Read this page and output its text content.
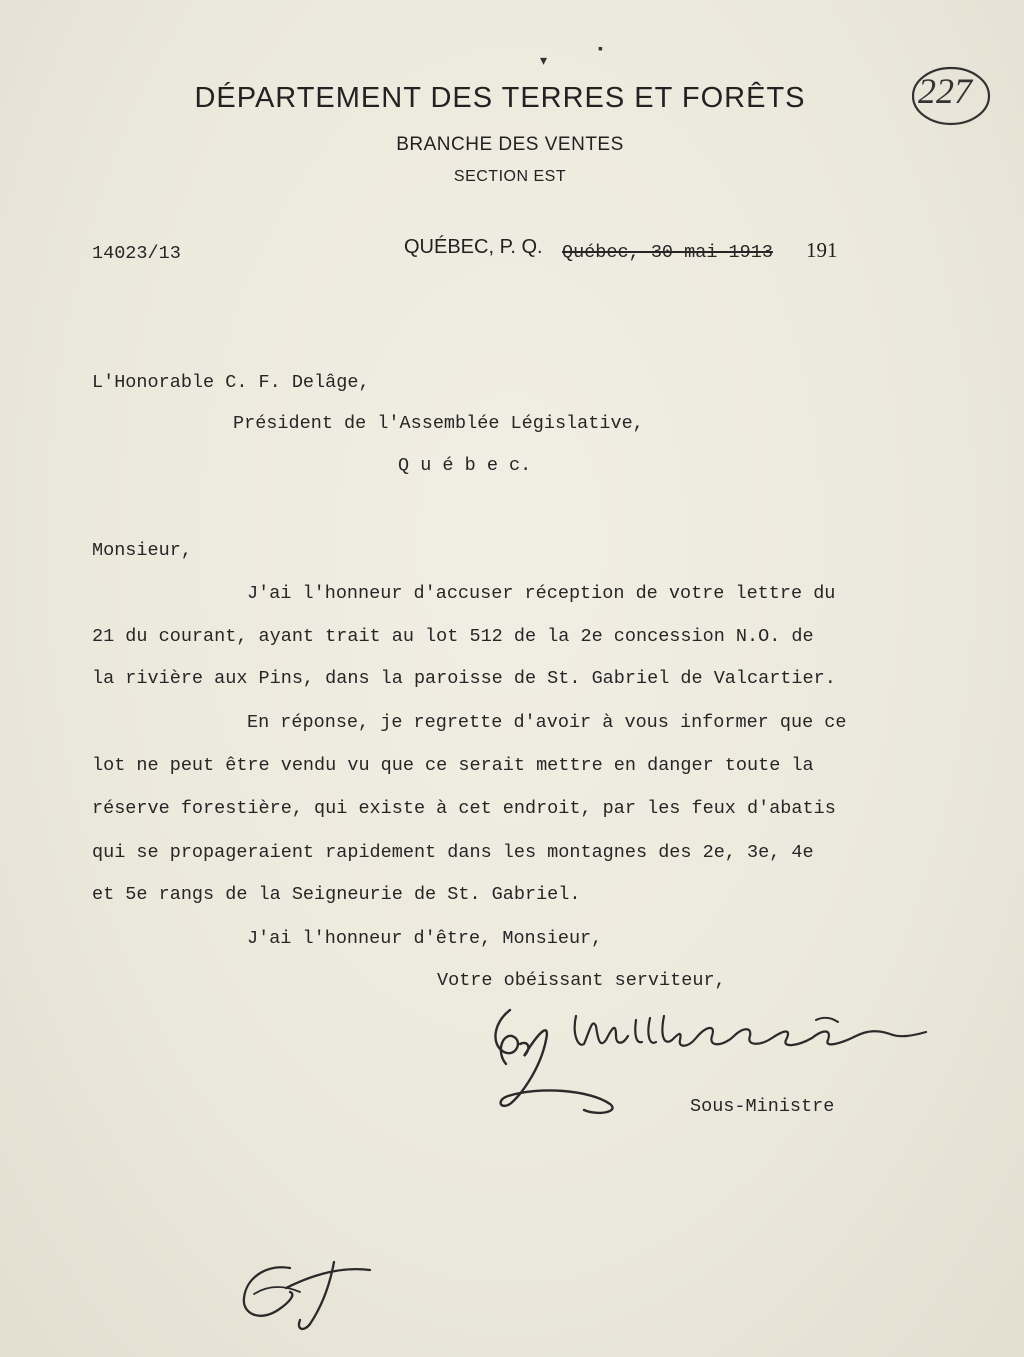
227
▾
▪
DÉPARTEMENT DES TERRES ET FORÊTS
BRANCHE DES VENTES
SECTION EST
14023/13	QUÉBEC, P. Q. Québec, 30 mai 1913 191
L'Honorable C. F. Delâge,
Président de l'Assemblée Législative,
Q u é b e c.
Monsieur,
J'ai l'honneur d'accuser réception de votre lettre du
21 du courant, ayant trait au lot 512 de la 2e concession N.O. de
la rivière aux Pins, dans la paroisse de St. Gabriel de Valcartier.
En réponse, je regrette d'avoir à vous informer que ce
lot ne peut être vendu vu que ce serait mettre en danger toute la
réserve forestière, qui existe à cet endroit, par les feux d'abatis
qui se propageraient rapidement dans les montagnes des 2e, 3e, 4e
et 5e rangs de la Seigneurie de St. Gabriel.
J'ai l'honneur d'être, Monsieur,
Votre obéissant serviteur,
Sous-Ministre
